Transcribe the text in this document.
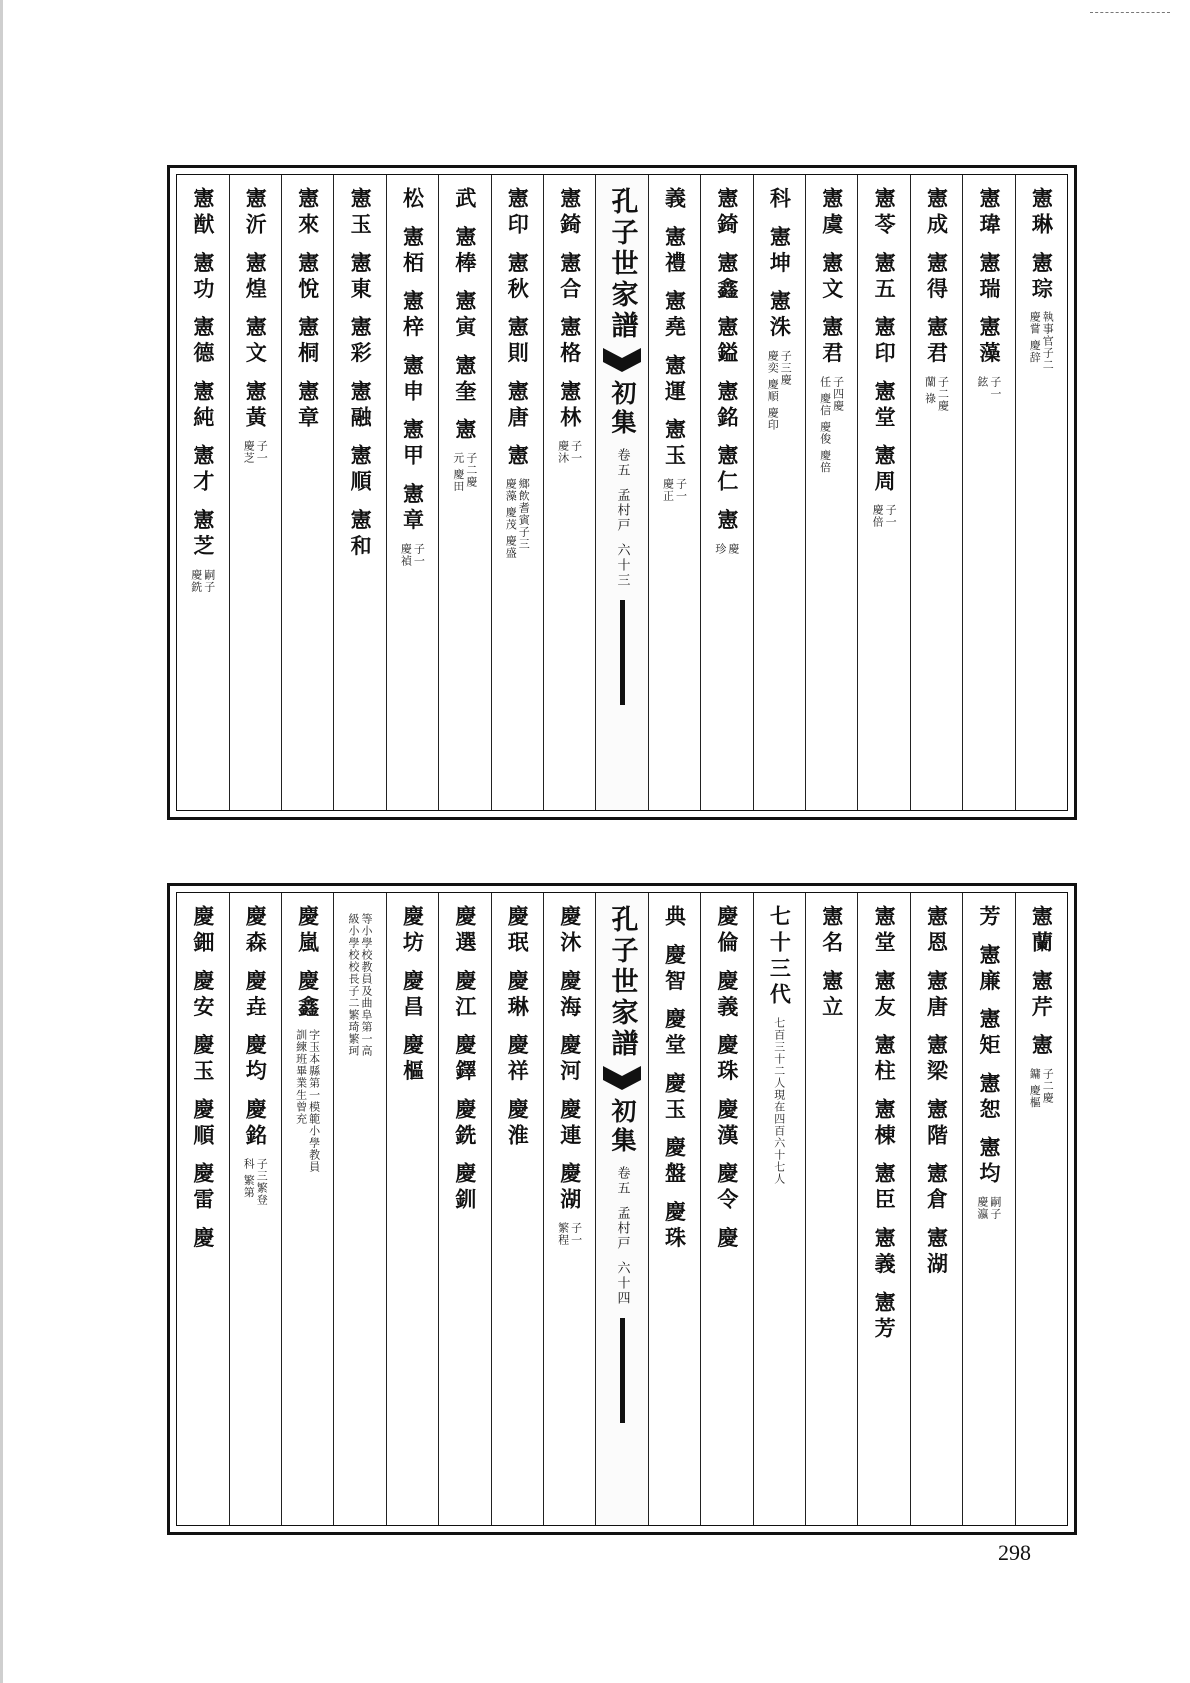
憲琳 憲琮
執事官子二
慶嘗 慶辞
憲瑋 憲瑞 憲藻
子一
鉉
憲成 憲得 憲君
子二慶
蘭 祿
憲苓 憲五 憲印 憲堂 憲周
子一
慶倍
憲虞 憲文 憲君
子四慶
任 慶信 慶俊 慶倍
科 憲坤 憲洙
子三慶
慶奕 慶順 慶印
憲錡 憲鑫 憲鎰 憲銘 憲仁 憲
慶
珍
義 憲禮 憲堯 憲運 憲玉
子一
慶正
孔子世家譜
初集
卷五
孟村戸
六十三
憲錡 憲合 憲格 憲林
子一
慶沐
憲印 憲秋 憲則 憲唐 憲
鄉飲耆賓子三
慶藻 慶茂 慶盛
武 憲棒 憲寅 憲奎 憲
子二慶
元 慶田
松 憲栢 憲梓 憲申 憲甲 憲章
子一
慶禎
憲玉 憲東 憲彩 憲融 憲順 憲和
憲來 憲悅 憲桐 憲章
憲沂 憲煌 憲文 憲黃
子一
慶芝
憲猷 憲功 憲德 憲純 憲才 憲芝
嗣子
慶銑
憲蘭 憲芹 憲
子二慶
鏞 慶樞
芳 憲廉 憲矩 憲恕 憲均
嗣子
慶瀛
憲恩 憲唐 憲梁 憲階 憲倉 憲湖
憲堂 憲友 憲柱 憲棟 憲臣 憲義 憲芳
憲名 憲立
七十三代
七百三十二人現在四百六十七人
慶倫 慶義 慶珠 慶漢 慶令 慶
典 慶智 慶堂 慶玉 慶盤 慶珠
孔子世家譜
初集
卷五
孟村戸
六十四
慶沐 慶海 慶河 慶連 慶湖
子一
繁程
慶珉 慶琳 慶祥 慶淮
慶選 慶江 慶鐸 慶銑 慶釧
慶坊 慶昌 慶樞
等小學校教員及曲阜第一高
級小學校校長子二繁琦繁珂
慶嵐 慶鑫
字玉本縣第一模範小學教員
訓練班畢業生曾充
慶森 慶垚 慶均 慶銘
子三繁登
科 繁第
慶鈿 慶安 慶玉 慶順 慶雷 慶
298
